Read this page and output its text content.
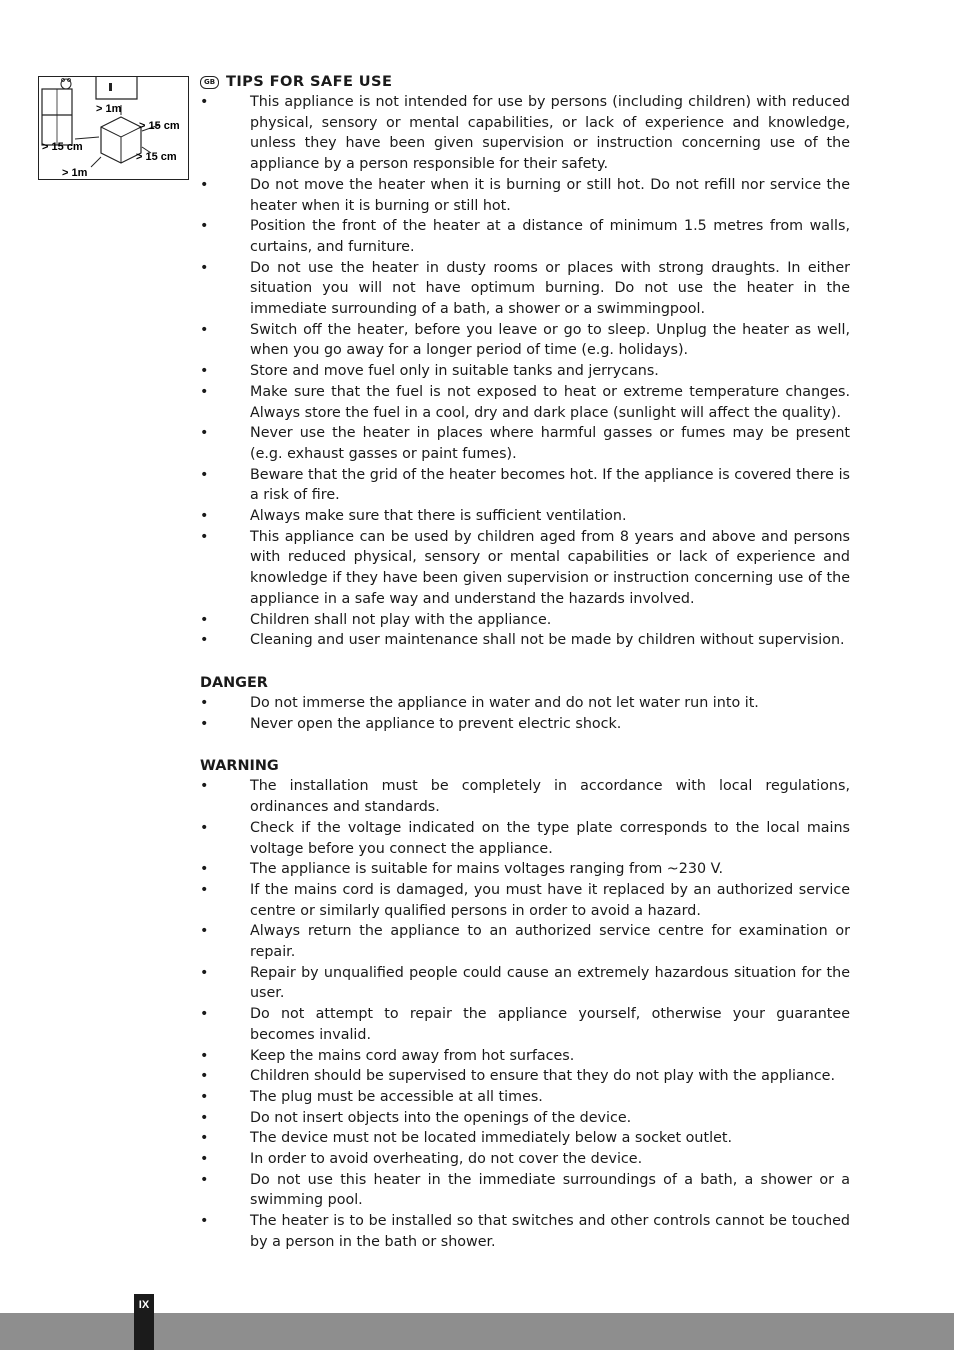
> 1m
> 15 cm
> 15 cm
> 15 cm
> 1m
GB TIPS FOR SAFE USE
• This appliance is not intended for use by persons (including children) with reduced physical, sensory or mental capabilities, or lack of experience and knowledge, unless they have been given supervision or instruction concerning use of the appliance by a person responsible for their safety.
• Do not move the heater when it is burning or still hot. Do not refill nor service the heater when it is burning or still hot.
• Position the front of the heater at a distance of minimum 1.5 metres from walls, curtains, and furniture.
• Do not use the heater in dusty rooms or places with strong draughts. In either situation you will not have optimum burning. Do not use the heater in the immediate surrounding of a bath, a shower or a swimmingpool.
• Switch off the heater, before you leave or go to sleep. Unplug the heater as well, when you go away for a longer period of time (e.g. holidays).
• Store and move fuel only in suitable tanks and jerrycans.
• Make sure that the fuel is not exposed to heat or extreme temperature changes. Always store the fuel in a cool, dry and dark place (sunlight will affect the quality).
• Never use the heater in places where harmful gasses or fumes may be present (e.g. exhaust gasses or paint fumes).
• Beware that the grid of the heater becomes hot. If the appliance is covered there is a risk of fire.
• Always make sure that there is sufficient ventilation.
• This appliance can be used by children aged from 8 years and above and persons with reduced physical, sensory or mental capabilities or lack of experience and knowledge if they have been given supervision or instruction concerning use of the appliance in a safe way and understand the hazards involved.
• Children shall not play with the appliance.
• Cleaning and user maintenance shall not be made by children without supervision.
DANGER
• Do not immerse the appliance in water and do not let water run into it.
• Never open the appliance to prevent electric shock.
WARNING
• The installation must be completely in accordance with local regulations, ordinances and standards.
• Check if the voltage indicated on the type plate corresponds to the local mains voltage before you connect the appliance.
• The appliance is suitable for mains voltages ranging from ~230 V.
• If the mains cord is damaged, you must have it replaced by an authorized service centre or similarly qualified persons in order to avoid a hazard.
• Always return the appliance to an authorized service centre for examination or repair.
• Repair by unqualified people could cause an extremely hazardous situation for the user.
• Do not attempt to repair the appliance yourself, otherwise your guarantee becomes invalid.
• Keep the mains cord away from hot surfaces.
• Children should be supervised to ensure that they do not play with the appliance.
• The plug must be accessible at all times.
• Do not insert objects into the openings of the device.
• The device must not be located immediately below a socket outlet.
• In order to avoid overheating, do not cover the device.
• Do not use this heater in the immediate surroundings of a bath, a shower or a swimming pool.
• The heater is to be installed so that switches and other controls cannot be touched by a person in the bath or shower.
IX
